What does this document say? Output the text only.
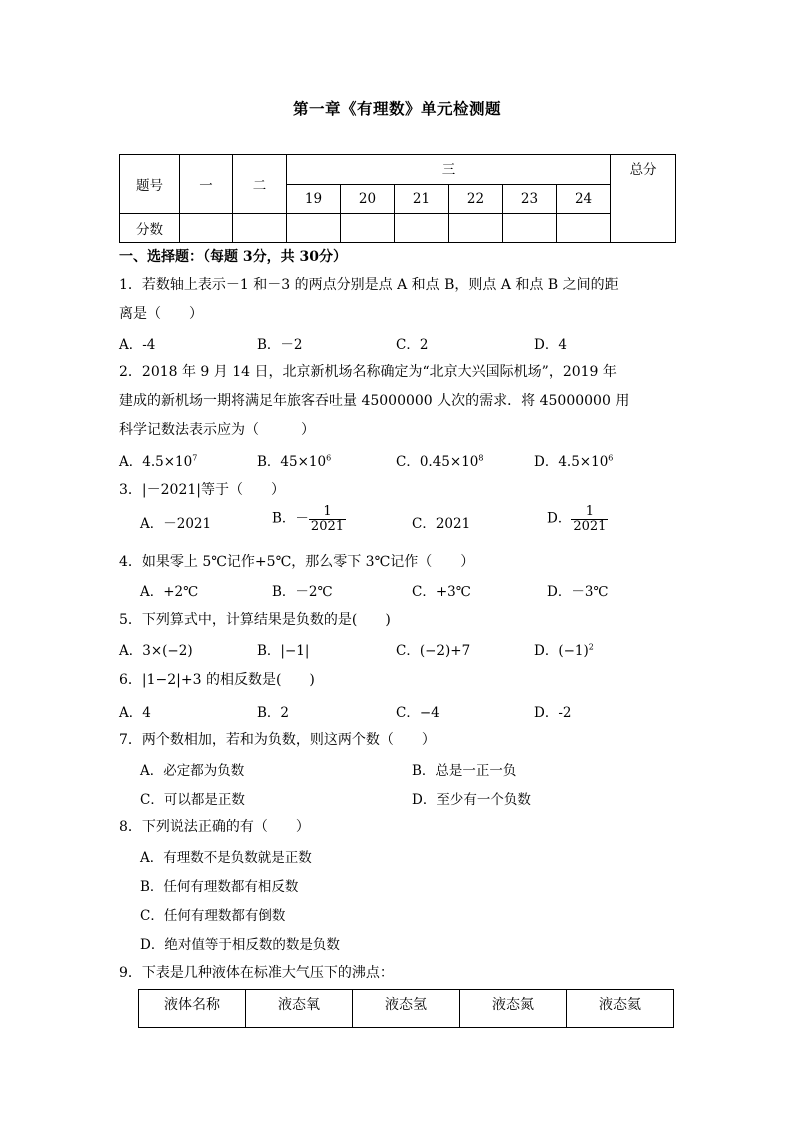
第一章《有理数》单元检测题
题号	一	二	三						总分
			19	20	21	22	23	24	
分数									
一、选择题：（每题 3分，共 30分）
1．若数轴上表示－1 和－3 的两点分别是点 A 和点 B，则点 A 和点 B 之间的距
离是（　　）
A．-4	B．－2	C．2	D．4
2．2018 年 9 月 14 日，北京新机场名称确定为“北京大兴国际机场”，2019 年
建成的新机场一期将满足年旅客吞吐量 45000000 人次的需求．将 45000000 用
科学记数法表示应为（　　　）
A．$4.5\times 10^7$	B．$45\times 10^6$	C．$0.45\times 10^8$	D．$4.5\times 10^6$
3．|－2021|等于（　　）
A．－2021	B．－ $\frac{1}{2021}$	C．2021	D． $\frac{1}{2021}$
4．如果零上 5℃记作+5℃，那么零下 3℃记作（　　）
A．+2℃	B．－2℃	C．+3℃	D．－3℃
5．下列算式中，计算结果是负数的是(　　)
A．3×(−2)	B．|−1|	C．(−2)+7	D．$(-1)^2$
6．|1−2|+3 的相反数是(　　)
A．4	B．2	C．−4	D．-2
7．两个数相加，若和为负数，则这两个数（　　）
A．必定都为负数	B．总是一正一负
C．可以都是正数	D．至少有一个负数
8．下列说法正确的有（　　）
A．有理数不是负数就是正数
B．任何有理数都有相反数
C．任何有理数都有倒数
D．绝对值等于相反数的数是负数
9．下表是几种液体在标准大气压下的沸点：
液体名称	液态氧	液态氢	液态氮	液态氦
